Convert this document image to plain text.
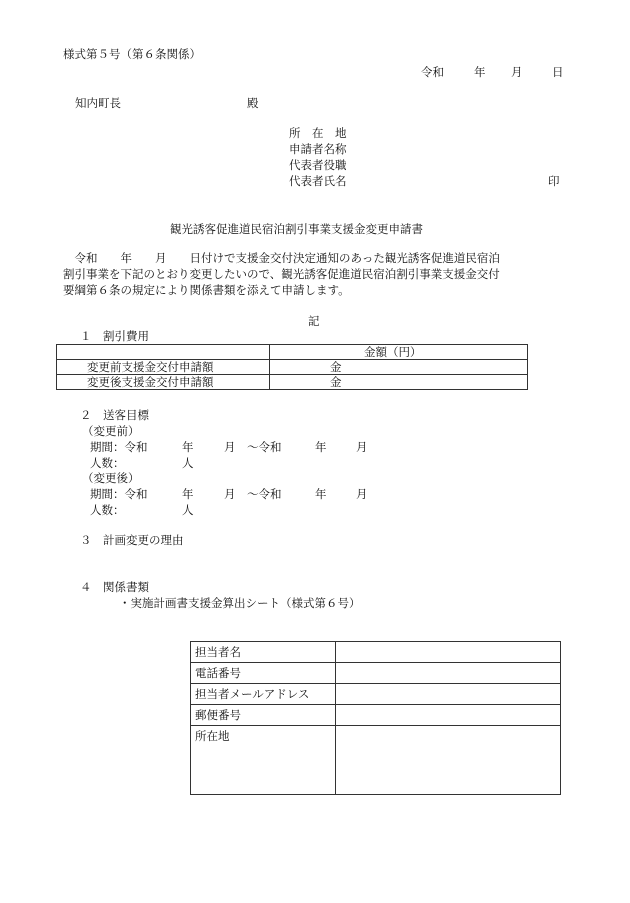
様式第５号（第６条関係）
令和	年 月	日
知内町長	殿
所　在　地
申請者名称
代表者役職
代表者氏名	印
観光誘客促進道民宿泊割引事業支援金変更申請書
　令和　　年　　月　　日付けで支援金交付決定通知のあった観光誘客促進道民宿泊
割引事業を下記のとおり変更したいので、観光誘客促進道民宿泊割引事業支援金交付
要綱第６条の規定により関係書類を添えて申請します。
記
１　割引費用
	金額（円）
変更前支援金交付申請額	金
変更後支援金交付申請額	金
２　送客目標
（変更前）
期間：令和	年	月 ～令和	年	月
人数：	人
（変更後）
期間：令和	年	月 ～令和	年	月
人数：	人
３　計画変更の理由
４　関係書類
・実施計画書支援金算出シート（様式第６号）
担当者名	
電話番号	
担当者メールアドレス	
郵便番号	
所在地	
